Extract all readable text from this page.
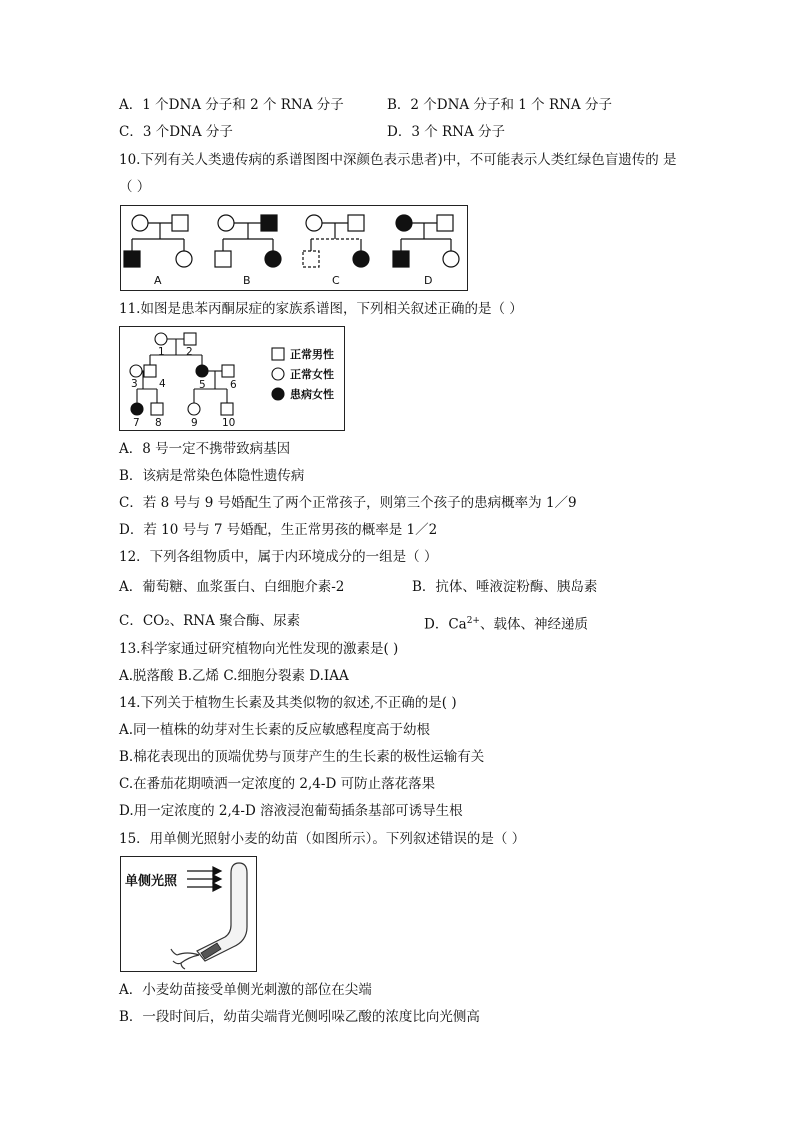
A．1 个DNA 分子和 2 个 RNA 分子	B．2 个DNA 分子和 1 个 RNA 分子
C．3 个DNA 分子	D．3 个 RNA 分子
10.下列有关人类遗传病的系谱图图中深颜色表示患者)中，不可能表示人类红绿色盲遗传的 是
（ ）
A	B	C	D
11.如图是患苯丙酮尿症的家族系谱图，下列相关叙述正确的是（ ）
1 2
3 4	5 6
7 8	9 10
正常男性
正常女性
患病女性
A．8 号一定不携带致病基因
B．该病是常染色体隐性遗传病
C．若 8 号与 9 号婚配生了两个正常孩子，则第三个孩子的患病概率为 1／9
D．若 10 号与 7 号婚配，生正常男孩的概率是 1／2
12．下列各组物质中，属于内环境成分的一组是（ ）
A．葡萄糖、血浆蛋白、白细胞介素-2	B．抗体、唾液淀粉酶、胰岛素
C．CO₂、RNA 聚合酶、尿素	D．$Ca^{2+}$、载体、神经递质
13.科学家通过研究植物向光性发现的激素是( )
A.脱落酸 B.乙烯 C.细胞分裂素 D.IAA
14.下列关于植物生长素及其类似物的叙述,不正确的是( )
A.同一植株的幼芽对生长素的反应敏感程度高于幼根
B.棉花表现出的顶端优势与顶芽产生的生长素的极性运输有关
C.在番茄花期喷洒一定浓度的 2,4-D 可防止落花落果
D.用一定浓度的 2,4-D 溶液浸泡葡萄插条基部可诱导生根
15．用单侧光照射小麦的幼苗（如图所示）。下列叙述错误的是（ ）
单侧光照
A．小麦幼苗接受单侧光刺激的部位在尖端
B．一段时间后，幼苗尖端背光侧吲哚乙酸的浓度比向光侧高
